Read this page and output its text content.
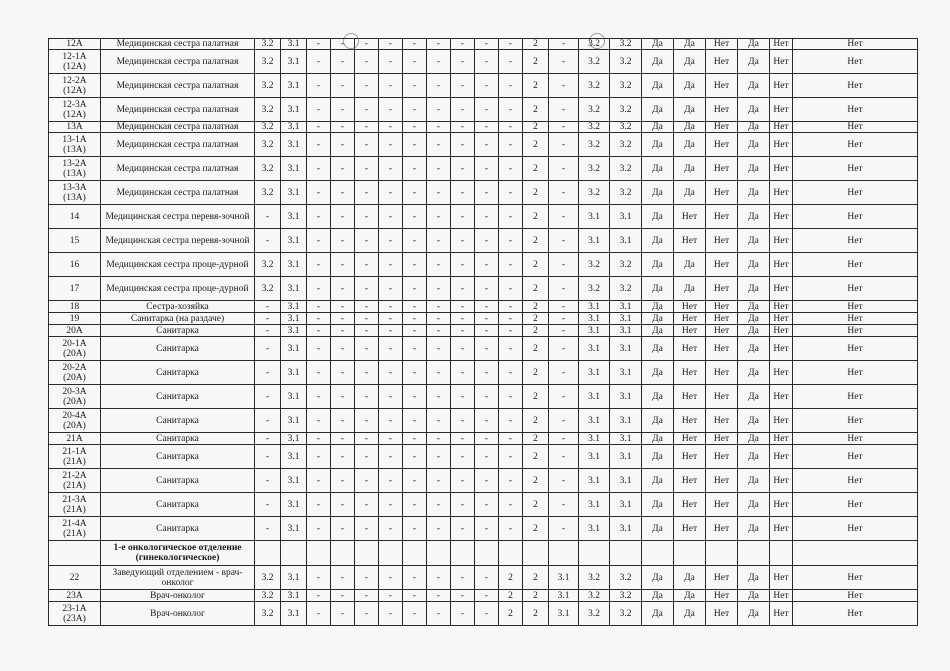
12А	Медицинская сестра палатная	3.2	3.1	-	-	-	-	-	-	-	-	-	2	-	3.2	3.2	Да	Да	Нет	Да	Нет	Нет
12-1А (12А)	Медицинская сестра палатная	3.2	3.1	-	-	-	-	-	-	-	-	-	2	-	3.2	3.2	Да	Да	Нет	Да	Нет	Нет
12-2А (12А)	Медицинская сестра палатная	3.2	3.1	-	-	-	-	-	-	-	-	-	2	-	3.2	3.2	Да	Да	Нет	Да	Нет	Нет
12-3А (12А)	Медицинская сестра палатная	3.2	3.1	-	-	-	-	-	-	-	-	-	2	-	3.2	3.2	Да	Да	Нет	Да	Нет	Нет
13А	Медицинская сестра палатная	3.2	3.1	-	-	-	-	-	-	-	-	-	2	-	3.2	3.2	Да	Да	Нет	Да	Нет	Нет
13-1А (13А)	Медицинская сестра палатная	3.2	3.1	-	-	-	-	-	-	-	-	-	2	-	3.2	3.2	Да	Да	Нет	Да	Нет	Нет
13-2А (13А)	Медицинская сестра палатная	3.2	3.1	-	-	-	-	-	-	-	-	-	2	-	3.2	3.2	Да	Да	Нет	Да	Нет	Нет
13-3А (13А)	Медицинская сестра палатная	3.2	3.1	-	-	-	-	-	-	-	-	-	2	-	3.2	3.2	Да	Да	Нет	Да	Нет	Нет
14	Медицинская сестра перевя-зочной	-	3.1	-	-	-	-	-	-	-	-	-	2	-	3.1	3.1	Да	Нет	Нет	Да	Нет	Нет
15	Медицинская сестра перевя-зочной	-	3.1	-	-	-	-	-	-	-	-	-	2	-	3.1	3.1	Да	Нет	Нет	Да	Нет	Нет
16	Медицинская сестра проце-дурной	3.2	3.1	-	-	-	-	-	-	-	-	-	2	-	3.2	3.2	Да	Да	Нет	Да	Нет	Нет
17	Медицинская сестра проце-дурной	3.2	3.1	-	-	-	-	-	-	-	-	-	2	-	3.2	3.2	Да	Да	Нет	Да	Нет	Нет
18	Сестра-хозяйка	-	3.1	-	-	-	-	-	-	-	-	-	2	-	3.1	3.1	Да	Нет	Нет	Да	Нет	Нет
19	Санитарка (на раздаче)	-	3.1	-	-	-	-	-	-	-	-	-	2	-	3.1	3.1	Да	Нет	Нет	Да	Нет	Нет
20А	Санитарка	-	3.1	-	-	-	-	-	-	-	-	-	2	-	3.1	3.1	Да	Нет	Нет	Да	Нет	Нет
20-1А (20А)	Санитарка	-	3.1	-	-	-	-	-	-	-	-	-	2	-	3.1	3.1	Да	Нет	Нет	Да	Нет	Нет
20-2А (20А)	Санитарка	-	3.1	-	-	-	-	-	-	-	-	-	2	-	3.1	3.1	Да	Нет	Нет	Да	Нет	Нет
20-3А (20А)	Санитарка	-	3.1	-	-	-	-	-	-	-	-	-	2	-	3.1	3.1	Да	Нет	Нет	Да	Нет	Нет
20-4А (20А)	Санитарка	-	3.1	-	-	-	-	-	-	-	-	-	2	-	3.1	3.1	Да	Нет	Нет	Да	Нет	Нет
21А	Санитарка	-	3.1	-	-	-	-	-	-	-	-	-	2	-	3.1	3.1	Да	Нет	Нет	Да	Нет	Нет
21-1А (21А)	Санитарка	-	3.1	-	-	-	-	-	-	-	-	-	2	-	3.1	3.1	Да	Нет	Нет	Да	Нет	Нет
21-2А (21А)	Санитарка	-	3.1	-	-	-	-	-	-	-	-	-	2	-	3.1	3.1	Да	Нет	Нет	Да	Нет	Нет
21-3А (21А)	Санитарка	-	3.1	-	-	-	-	-	-	-	-	-	2	-	3.1	3.1	Да	Нет	Нет	Да	Нет	Нет
21-4А (21А)	Санитарка	-	3.1	-	-	-	-	-	-	-	-	-	2	-	3.1	3.1	Да	Нет	Нет	Да	Нет	Нет
	1-е онкологическое отделение (гинекологическое)																					
22	Заведующий отделением - врач-онколог	3.2	3.1	-	-	-	-	-	-	-	-	2	2	3.1	3.2	3.2	Да	Да	Нет	Да	Нет	Нет
23А	Врач-онколог	3.2	3.1	-	-	-	-	-	-	-	-	2	2	3.1	3.2	3.2	Да	Да	Нет	Да	Нет	Нет
23-1А (23А)	Врач-онколог	3.2	3.1	-	-	-	-	-	-	-	-	2	2	3.1	3.2	3.2	Да	Да	Нет	Да	Нет	Нет
